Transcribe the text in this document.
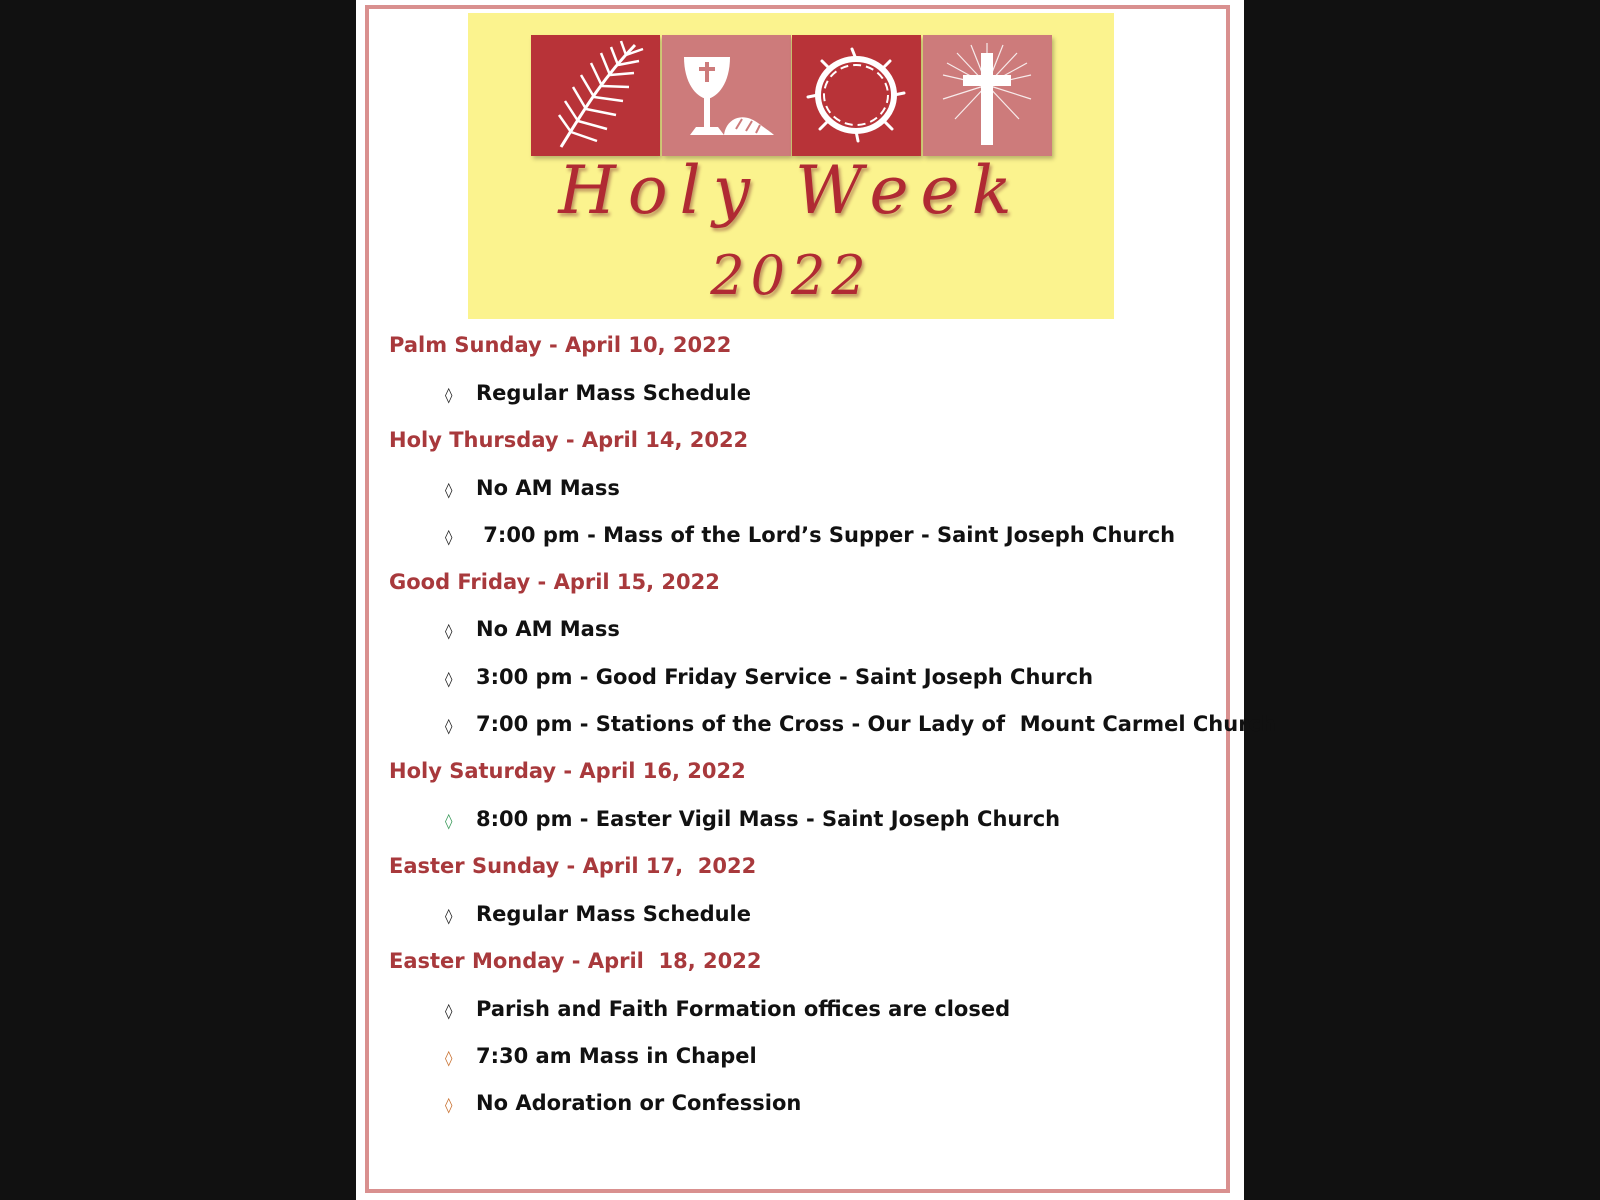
Holy Week
2022
Palm Sunday - April 10, 2022
◊ Regular Mass Schedule
Holy Thursday - April 14, 2022
◊ No AM Mass
◊ 7:00 pm - Mass of the Lord’s Supper - Saint Joseph Church
Good Friday - April 15, 2022
◊ No AM Mass
◊ 3:00 pm - Good Friday Service - Saint Joseph Church
◊ 7:00 pm - Stations of the Cross - Our Lady of  Mount Carmel Church
Holy Saturday - April 16, 2022
◊ 8:00 pm - Easter Vigil Mass - Saint Joseph Church
Easter Sunday - April 17,  2022
◊ Regular Mass Schedule
Easter Monday - April  18, 2022
◊ Parish and Faith Formation offices are closed
◊ 7:30 am Mass in Chapel
◊ No Adoration or Confession
